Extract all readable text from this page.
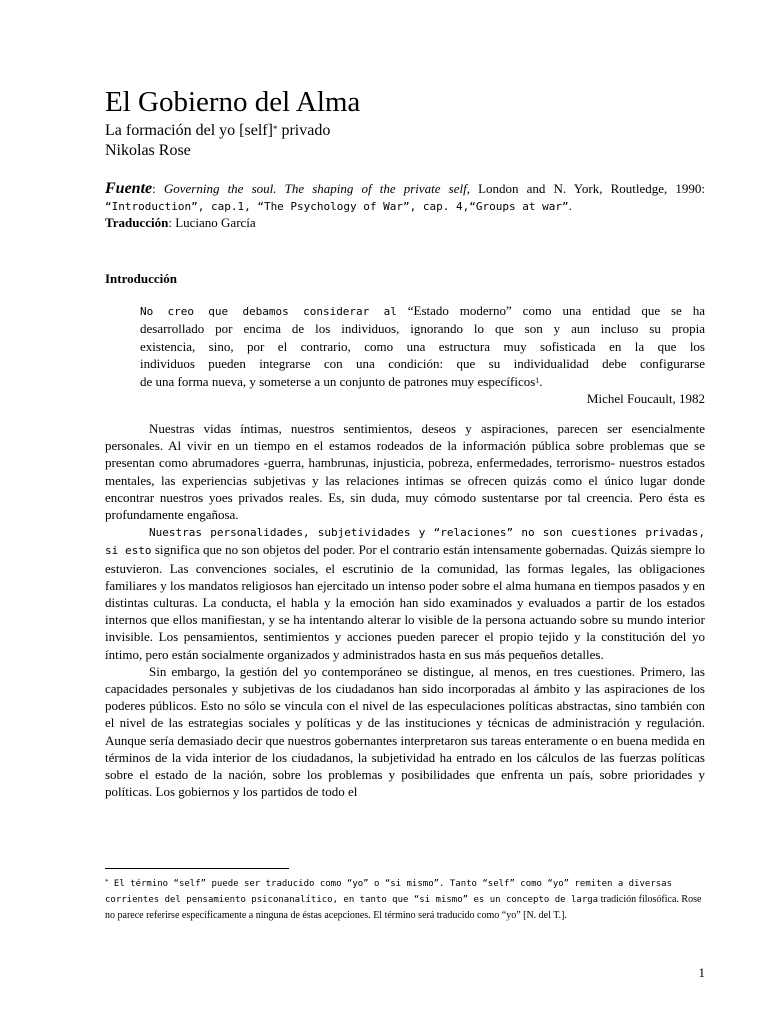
El Gobierno del Alma
La formación del yo [self]* privado
Nikolas Rose
Fuente: Governing the soul. The shaping of the private self, London and N. York, Routledge, 1990: “Introduction”, cap.1, “The Psychology of War”, cap. 4,“Groups at war”.
Traducción: Luciano García
Introducción
No creo que debamos considerar al “Estado moderno” como una entidad que se ha
desarrollado por encima de los individuos, ignorando lo que son y aun incluso su propia
existencia, sino, por el contrario, como una estructura muy sofisticada en la que los
individuos pueden integrarse con una condición: que su individualidad debe configurarse
de una forma nueva, y someterse a un conjunto de patrones muy específicos$^1$.
Michel Foucault, 1982

Nuestras vidas íntimas, nuestros sentimientos, deseos y aspiraciones, parecen ser esencialmente personales. Al vivir en un tiempo en el estamos rodeados de la información pública sobre problemas que se presentan como abrumadores -guerra, hambrunas, injusticia, pobreza, enfermedades, terrorismo- nuestros estados mentales, las experiencias subjetivas y las relaciones intimas se ofrecen quizás como el único lugar donde encontrar nuestros yoes privados reales. Es, sin duda, muy cómodo sustentarse por tal creencia. Pero ésta es profundamente engañosa.

Nuestras personalidades, subjetividades y “relaciones” no son cuestiones privadas, si esto significa que no son objetos del poder. Por el contrario están intensamente gobernadas. Quizás siempre lo estuvieron. Las convenciones sociales, el escrutinio de la comunidad, las formas legales, las obligaciones familiares y los mandatos religiosos han ejercitado un intenso poder sobre el alma humana en tiempos pasados y en distintas culturas. La conducta, el habla y la emoción han sido examinados y evaluados a partir de los estados internos que ellos manifiestan, y se ha intentando alterar lo visible de la persona actuando sobre su mundo interior invisible. Los pensamientos, sentimientos y acciones pueden parecer el propio tejido y la constitución del yo íntimo, pero están socialmente organizados y administrados hasta en sus más pequeños detalles.

Sin embargo, la gestión del yo contemporáneo se distingue, al menos, en tres cuestiones. Primero, las capacidades personales y subjetivas de los ciudadanos han sido incorporadas al ámbito y las aspiraciones de los poderes públicos. Esto no sólo se vincula con el nivel de las especulaciones políticas abstractas, sino también con el nivel de las estrategias sociales y políticas y de las instituciones y técnicas de administración y regulación. Aunque sería demasiado decir que nuestros gobernantes interpretaron sus tareas enteramente o en buena medida en términos de la vida interior de los ciudadanos, la subjetividad ha entrado en los cálculos de las fuerzas políticas sobre el estado de la nación, sobre los problemas y posibilidades que enfrenta un país, sobre prioridades y políticas. Los gobiernos y los partidos de todo el

* El término “self” puede ser traducido como “yo” o “si mismo”. Tanto “self” como “yo” remiten a diversas corrientes del pensamiento psiconanalítico, en tanto que “si mismo” es un concepto de larga tradición filosófica. Rose no parece referirse específicamente a ninguna de éstas acepciones. El término será traducido como “yo” [N. del T.].
1
